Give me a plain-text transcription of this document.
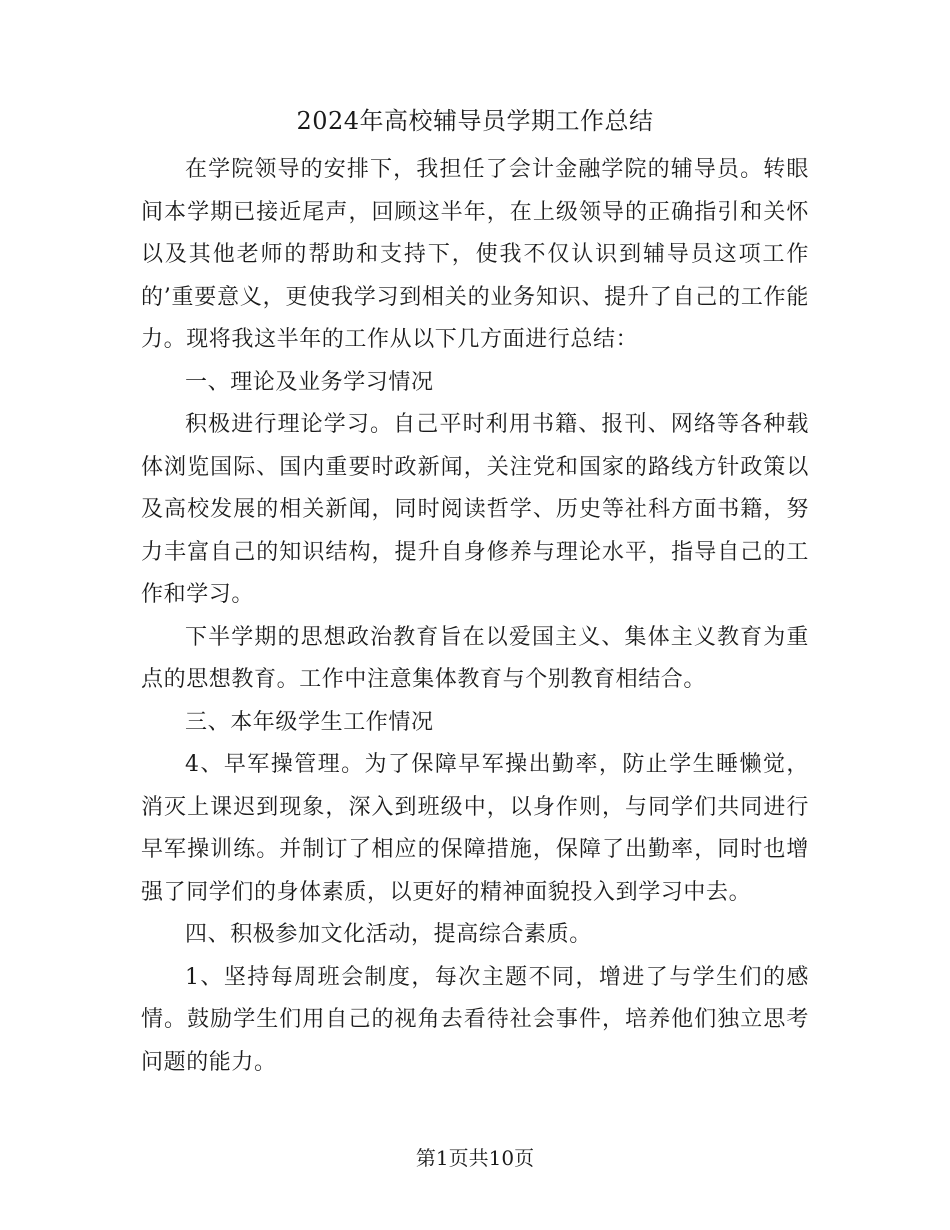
2024年高校辅导员学期工作总结

在学院领导的安排下，我担任了会计金融学院的辅导员。转眼间本学期已接近尾声，回顾这半年，在上级领导的正确指引和关怀以及其他老师的帮助和支持下，使我不仅认识到辅导员这项工作的’重要意义，更使我学习到相关的业务知识、提升了自己的工作能力。现将我这半年的工作从以下几方面进行总结：

一、理论及业务学习情况

积极进行理论学习。自己平时利用书籍、报刊、网络等各种载体浏览国际、国内重要时政新闻，关注党和国家的路线方针政策以及高校发展的相关新闻，同时阅读哲学、历史等社科方面书籍，努力丰富自己的知识结构，提升自身修养与理论水平，指导自己的工作和学习。

下半学期的思想政治教育旨在以爱国主义、集体主义教育为重点的思想教育。工作中注意集体教育与个别教育相结合。

三、本年级学生工作情况

4、早军操管理。为了保障早军操出勤率，防止学生睡懒觉，消灭上课迟到现象，深入到班级中，以身作则，与同学们共同进行早军操训练。并制订了相应的保障措施，保障了出勤率，同时也增强了同学们的身体素质，以更好的精神面貌投入到学习中去。

四、积极参加文化活动，提高综合素质。

1、坚持每周班会制度，每次主题不同，增进了与学生们的感情。鼓励学生们用自己的视角去看待社会事件，培养他们独立思考问题的能力。

第1页共10页
